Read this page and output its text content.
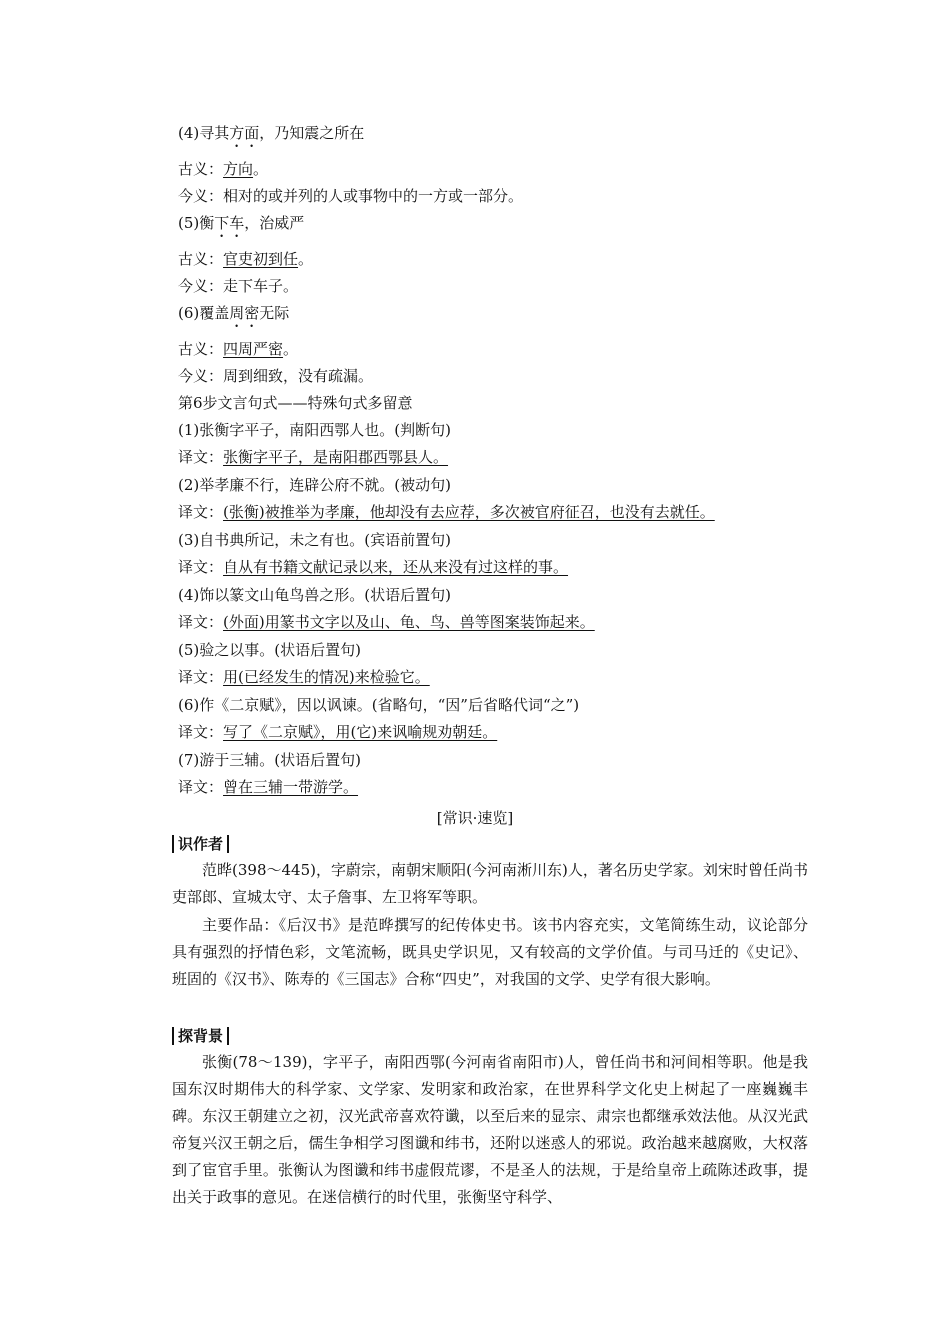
(4)寻其方面，乃知震之所在
古义：方向。
今义：相对的或并列的人或事物中的一方或一部分。
(5)衡下车，治威严
古义：官吏初到任。
今义：走下车子。
(6)覆盖周密无际
古义：四周严密。
今义：周到细致，没有疏漏。
第6步文言句式——特殊句式多留意
(1)张衡字平子，南阳西鄂人也。(判断句)
译文：张衡字平子，是南阳郡西鄂县人。
(2)举孝廉不行，连辟公府不就。(被动句)
译文：(张衡)被推举为孝廉，他却没有去应荐，多次被官府征召，也没有去就任。
(3)自书典所记，未之有也。(宾语前置句)
译文：自从有书籍文献记录以来，还从来没有过这样的事。
(4)饰以篆文山龟鸟兽之形。(状语后置句)
译文：(外面)用篆书文字以及山、龟、鸟、兽等图案装饰起来。
(5)验之以事。(状语后置句)
译文：用(已经发生的情况)来检验它。
(6)作《二京赋》，因以讽谏。(省略句，“因”后省略代词“之”)
译文：写了《二京赋》，用(它)来讽喻规劝朝廷。
(7)游于三辅。(状语后置句)
译文：曾在三辅一带游学。
[常识·速览]
识作者
范晔(398～445)，字蔚宗，南朝宋顺阳(今河南淅川东)人，著名历史学家。刘宋时曾任尚书吏部郎、宣城太守、太子詹事、左卫将军等职。
主要作品：《后汉书》是范晔撰写的纪传体史书。该书内容充实，文笔简练生动，议论部分具有强烈的抒情色彩，文笔流畅，既具史学识见，又有较高的文学价值。与司马迁的《史记》、班固的《汉书》、陈寿的《三国志》合称“四史”，对我国的文学、史学有很大影响。
探背景
张衡(78～139)，字平子，南阳西鄂(今河南省南阳市)人，曾任尚书和河间相等职。他是我国东汉时期伟大的科学家、文学家、发明家和政治家，在世界科学文化史上树起了一座巍巍丰碑。东汉王朝建立之初，汉光武帝喜欢符谶，以至后来的显宗、肃宗也都继承效法他。从汉光武帝复兴汉王朝之后，儒生争相学习图谶和纬书，还附以迷惑人的邪说。政治越来越腐败，大权落到了宦官手里。张衡认为图谶和纬书虚假荒谬，不是圣人的法规，于是给皇帝上疏陈述政事，提出关于政事的意见。在迷信横行的时代里，张衡坚守科学、
